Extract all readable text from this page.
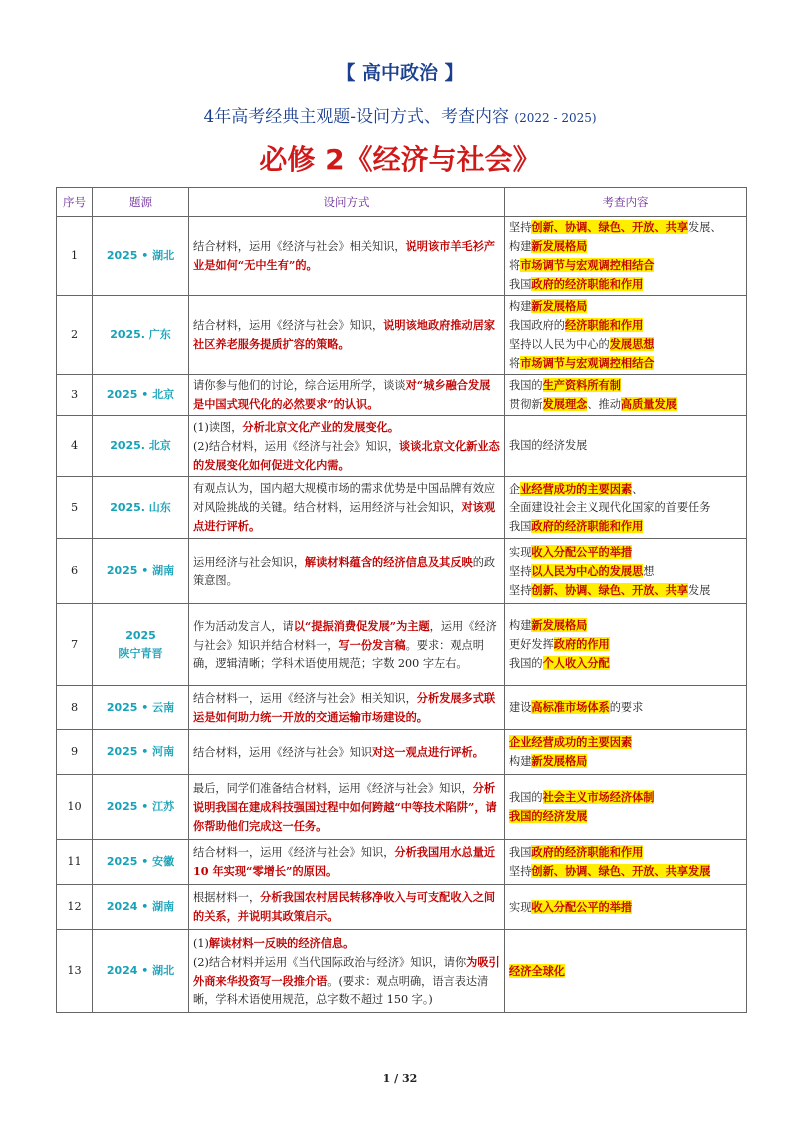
【 高中政治 】
4年高考经典主观题-设问方式、考查内容 (2022 - 2025)
必修 2《经济与社会》
序号	题源	设问方式	考查内容
1	2025 • 湖北	结合材料，运用《经济与社会》相关知识，说明该市羊毛衫产业是如何“无中生有”的。	坚持创新、协调、绿色、开放、共享发展、
构建新发展格局
将市场调节与宏观调控相结合
我国政府的经济职能和作用

2	2025. 广东	结合材料，运用《经济与社会》知识，说明该地政府推动居家社区养老服务提质扩容的策略。	构建新发展格局
我国政府的经济职能和作用
坚持以人民为中心的发展思想
将市场调节与宏观调控相结合

3	2025 • 北京	请你参与他们的讨论，综合运用所学，谈谈对“城乡融合发展是中国式现代化的必然要求”的认识。	我国的生产资料所有制
贯彻新发展理念、推动高质量发展

4	2025. 北京	(1)读图，分析北京文化产业的发展变化。
(2)结合材料，运用《经济与社会》知识，谈谈北京文化新业态的发展变化如何促进文化内需。	我国的经济发展

5	2025. 山东	有观点认为，国内超大规模市场的需求优势是中国品牌有效应对风险挑战的关键。结合材料，运用经济与社会知识，对该观点进行评析。	企业经营成功的主要因素、
全面建设社会主义现代化国家的首要任务
我国政府的经济职能和作用

6	2025 • 湖南	运用经济与社会知识，解读材料蕴含的经济信息及其反映的政策意图。	实现收入分配公平的举措
坚持以人民为中心的发展思想
坚持创新、协调、绿色、开放、共享发展

7	2025
陕宁青晋	作为活动发言人，请以“提振消费促发展”为主题，运用《经济与社会》知识并结合材料一，写一份发言稿。要求：观点明确，逻辑清晰；学科术语使用规范；字数 200 字左右。	构建新发展格局
更好发挥政府的作用
我国的个人收入分配

8	2025 • 云南	结合材料一，运用《经济与社会》相关知识，分析发展多式联运是如何助力统一开放的交通运输市场建设的。	建设高标准市场体系的要求

9	2025 • 河南	结合材料，运用《经济与社会》知识对这一观点进行评析。	企业经营成功的主要因素
构建新发展格局

10	2025 • 江苏	最后，同学们准备结合材料，运用《经济与社会》知识，分析说明我国在建成科技强国过程中如何跨越“中等技术陷阱”，请你帮助他们完成这一任务。	我国的社会主义市场经济体制
我国的经济发展

11	2025 • 安徽	结合材料一，运用《经济与社会》知识，分析我国用水总量近 10 年实现“零增长”的原因。	我国政府的经济职能和作用
坚持创新、协调、绿色、开放、共享发展

12	2024 • 湖南	根据材料一，分析我国农村居民转移净收入与可支配收入之间的关系，并说明其政策启示。	实现收入分配公平的举措

13	2024 • 湖北	(1)解读材料一反映的经济信息。
(2)结合材料并运用《当代国际政治与经济》知识，请你为吸引外商来华投资写一段推介语。(要求：观点明确，语言表达清晰，学科术语使用规范，总字数不超过 150 字。)	经济全球化
1 / 32
